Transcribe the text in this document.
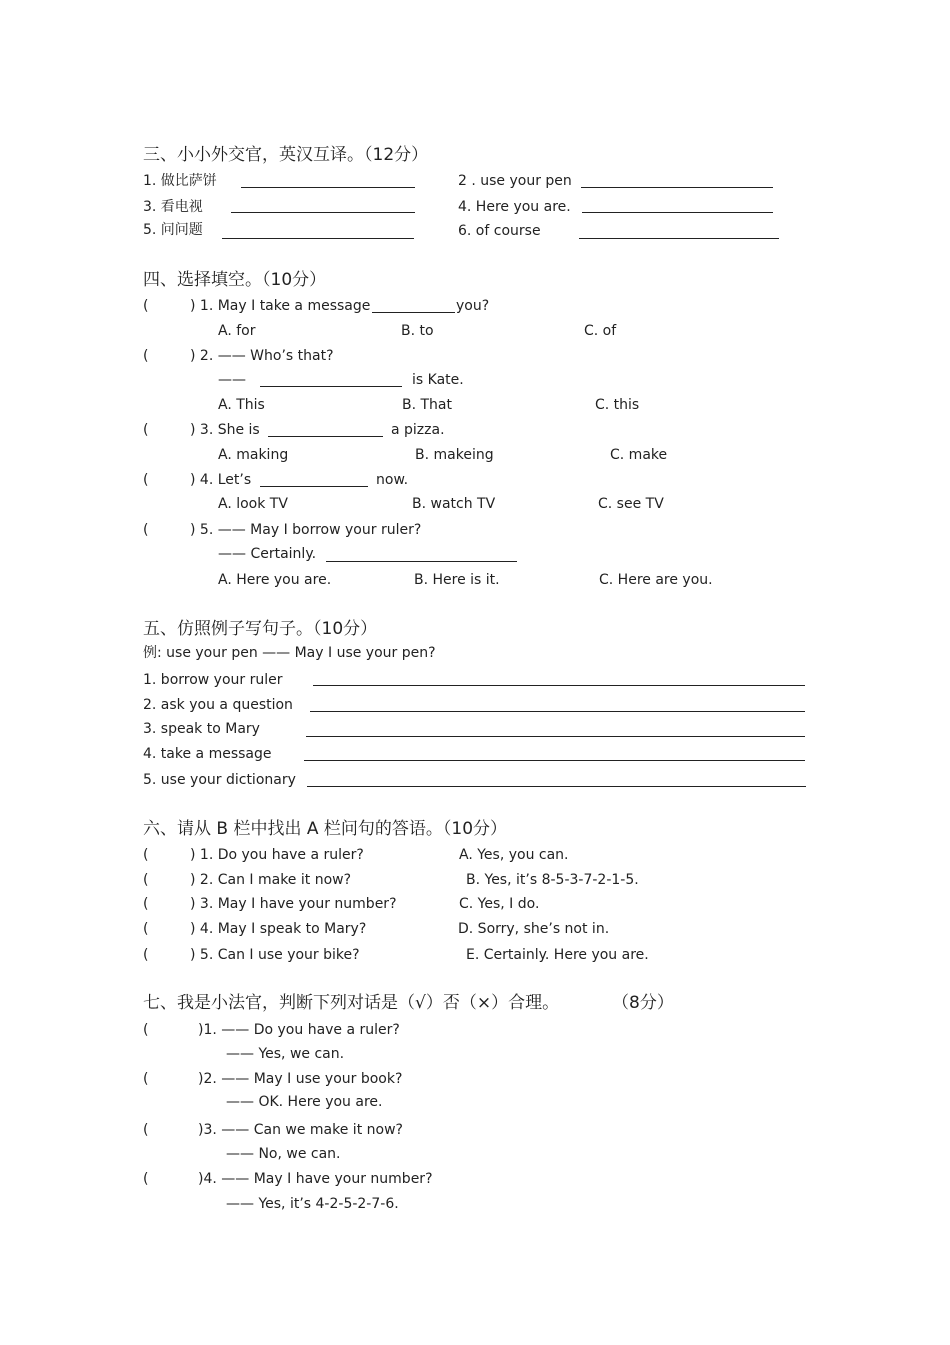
三、小小外交官，英汉互译。（12分）
1. 做比萨饼	2 . use your pen
3. 看电视	4. Here you are.
5. 问问题	6. of course
四、选择填空。（10分）
(	) 1. May I take a message	you?
A. for	B. to	C. of
(	) 2. —— Who’s that?
——	is Kate.
A. This	B. That	C. this
(	) 3. She is	a pizza.
A. making	B. makeing	C. make
(	) 4. Let’s	now.
A. look TV	B. watch TV	C. see TV
(	) 5. —— May I borrow your ruler?
—— Certainly.
A. Here you are.	B. Here is it.	C. Here are you.
五、仿照例子写句子。（10分）
例: use your pen —— May I use your pen?
1. borrow your ruler
2. ask you a question
3. speak to Mary
4. take a message
5. use your dictionary
六、请从 B 栏中找出 A 栏问句的答语。（10分）
(	) 1. Do you have a ruler?	A. Yes, you can.
(	) 2. Can I make it now?	B. Yes, it’s 8-5-3-7-2-1-5.
(	) 3. May I have your number?	C. Yes, I do.
(	) 4. May I speak to Mary?	D. Sorry, she’s not in.
(	) 5. Can I use your bike?	E. Certainly. Here you are.
七、我是小法官，判断下列对话是（√）否（×）合理。	（8分）
(	)1. —— Do you have a ruler?
—— Yes, we can.
(	)2. —— May I use your book?
—— OK. Here you are.
(	)3. —— Can we make it now?
—— No, we can.
(	)4. —— May I have your number?
—— Yes, it’s 4-2-5-2-7-6.
